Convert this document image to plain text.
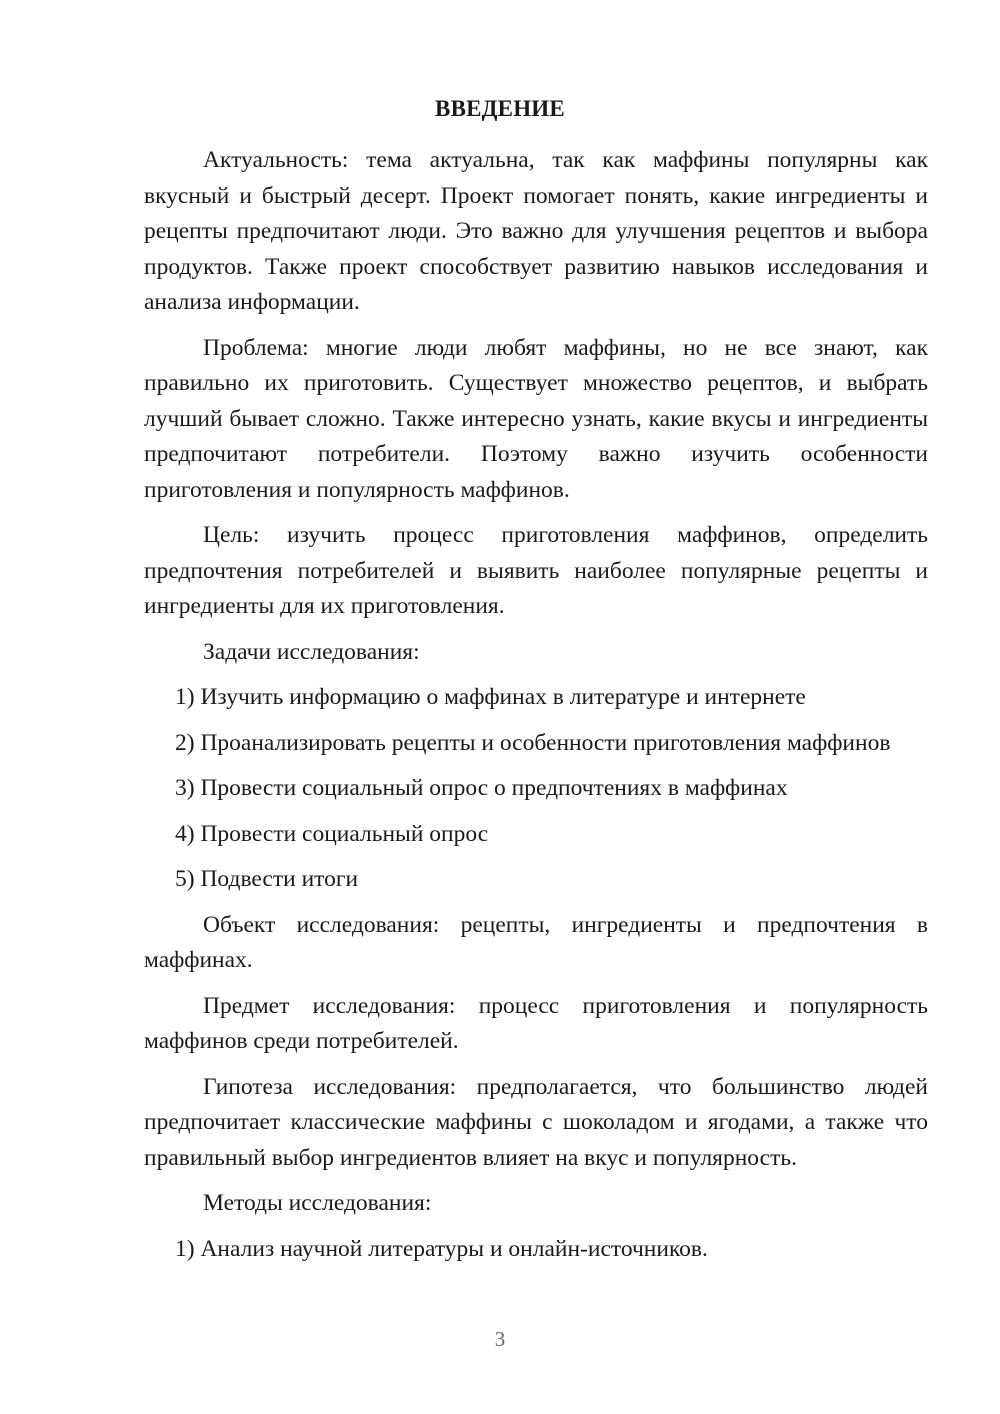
ВВЕДЕНИЕ

Актуальность: тема актуальна, так как маффины популярны как вкусный и быстрый десерт. Проект помогает понять, какие ингредиенты и рецепты предпочитают люди. Это важно для улучшения рецептов и выбора продуктов. Также проект способствует развитию навыков исследования и анализа информации.

Проблема: многие люди любят маффины, но не все знают, как правильно их приготовить. Существует множество рецептов, и выбрать лучший бывает сложно. Также интересно узнать, какие вкусы и ингредиенты предпочитают потребители. Поэтому важно изучить особенности приготовления и популярность маффинов.

Цель: изучить процесс приготовления маффинов, определить предпочтения потребителей и выявить наиболее популярные рецепты и ингредиенты для их приготовления.

Задачи исследования:

1) Изучить информацию о маффинах в литературе и интернете

2) Проанализировать рецепты и особенности приготовления маффинов

3) Провести социальный опрос о предпочтениях в маффинах

4) Провести социальный опрос

5) Подвести итоги

Объект исследования: рецепты, ингредиенты и предпочтения в маффинах.

Предмет исследования: процесс приготовления и популярность маффинов среди потребителей.

Гипотеза исследования: предполагается, что большинство людей предпочитает классические маффины с шоколадом и ягодами, а также что правильный выбор ингредиентов влияет на вкус и популярность.

Методы исследования:

1) Анализ научной литературы и онлайн-источников.

3
